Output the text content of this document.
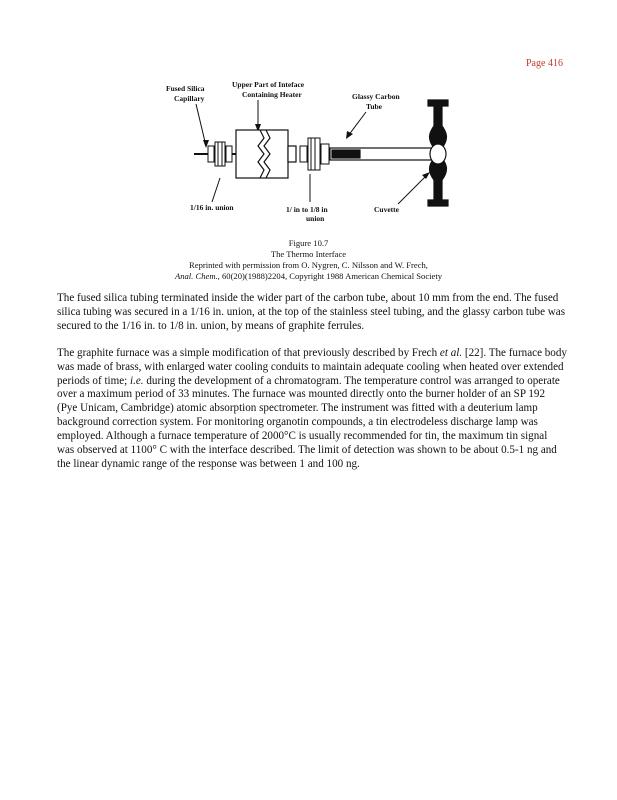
Page 416
Fused Silica
Capillary
Upper Part of Inteface
Containing Heater	Glassy Carbon
Tube
1/16 in. union	1/ in to 1/8 in
union
Cuvette
Figure 10.7
The Thermo Interface
Reprinted with permission from O. Nygren, C. Nilsson and W. Frech,
Anal. Chem., 60(20)(1988)2204, Copyright 1988 American Chemical Society

The fused silica tubing terminated inside the wider part of the carbon tube, about 10 mm from the end. The fused silica tubing was secured in a 1/16 in. union, at the top of the stainless steel tubing, and the glassy carbon tube was secured to the 1/16 in. to 1/8 in. union, by means of graphite ferrules.

The graphite furnace was a simple modification of that previously described by Frech et al. [22]. The furnace body was made of brass, with enlarged water cooling conduits to maintain adequate cooling when heated over extended periods of time; i.e. during the development of a chromatogram. The temperature control was arranged to operate over a maximum period of 33 minutes. The furnace was mounted directly onto the burner holder of an SP 192 (Pye Unicam, Cambridge) atomic absorption spectrometer. The instrument was fitted with a deuterium lamp background correction system. For monitoring organotin compounds, a tin electrodeless discharge lamp was employed. Although a furnace temperature of 2000°C is usually recommended for tin, the maximum tin signal was observed at 1100° C with the interface described. The limit of detection was shown to be about 0.5-1 ng and the linear dynamic range of the response was between 1 and 100 ng.
